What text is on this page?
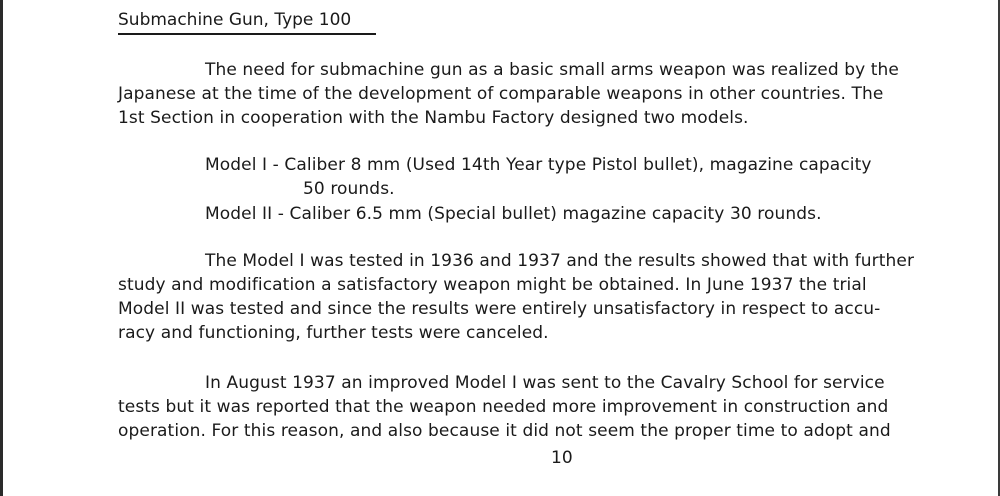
Submachine Gun, Type 100
The need for submachine gun as a basic small arms weapon was realized by the
Japanese at the time of the development of comparable weapons in other countries. The
1st Section in cooperation with the Nambu Factory designed two models.
Model I - Caliber 8 mm (Used 14th Year type Pistol bullet), magazine capacity
50 rounds.
Model II - Caliber 6.5 mm (Special bullet) magazine capacity 30 rounds.
The Model I was tested in 1936 and 1937 and the results showed that with further
study and modification a satisfactory weapon might be obtained. In June 1937 the trial
Model II was tested and since the results were entirely unsatisfactory in respect to accu-
racy and functioning, further tests were canceled.
In August 1937 an improved Model I was sent to the Cavalry School for service
tests but it was reported that the weapon needed more improvement in construction and
operation. For this reason, and also because it did not seem the proper time to adopt and
10
